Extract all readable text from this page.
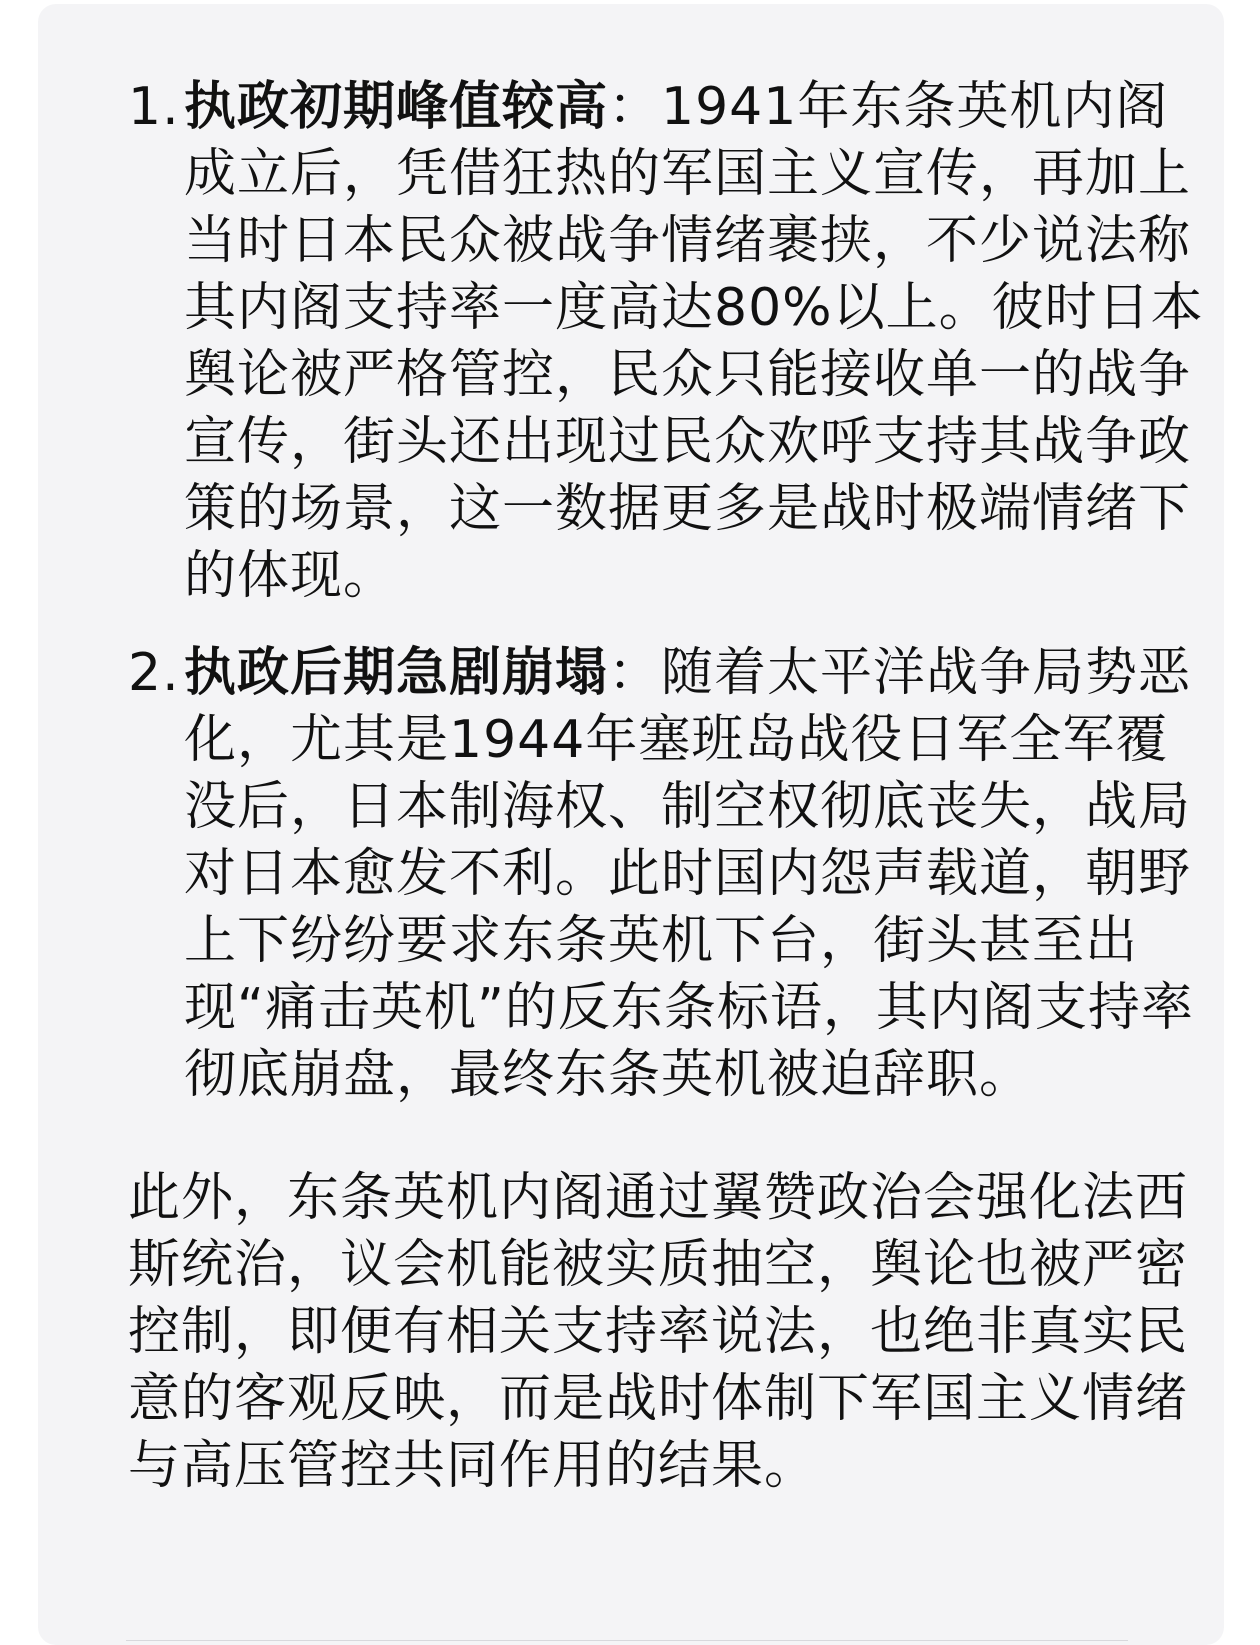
1. 执政初期峰值较高：1941年东条英机内阁成立后，凭借狂热的军国主义宣传，再加上当时日本民众被战争情绪裹挟，不少说法称其内阁支持率一度高达80%以上。彼时日本舆论被严格管控，民众只能接收单一的战争宣传，街头还出现过民众欢呼支持其战争政策的场景，这一数据更多是战时极端情绪下的体现。
2. 执政后期急剧崩塌：随着太平洋战争局势恶化，尤其是1944年塞班岛战役日军全军覆没后，日本制海权、制空权彻底丧失，战局对日本愈发不利。此时国内怨声载道，朝野上下纷纷要求东条英机下台，街头甚至出现“痛击英机”的反东条标语，其内阁支持率彻底崩盘，最终东条英机被迫辞职。

此外，东条英机内阁通过翼赞政治会强化法西斯统治，议会机能被实质抽空，舆论也被严密控制，即便有相关支持率说法，也绝非真实民意的客观反映，而是战时体制下军国主义情绪与高压管控共同作用的结果。
